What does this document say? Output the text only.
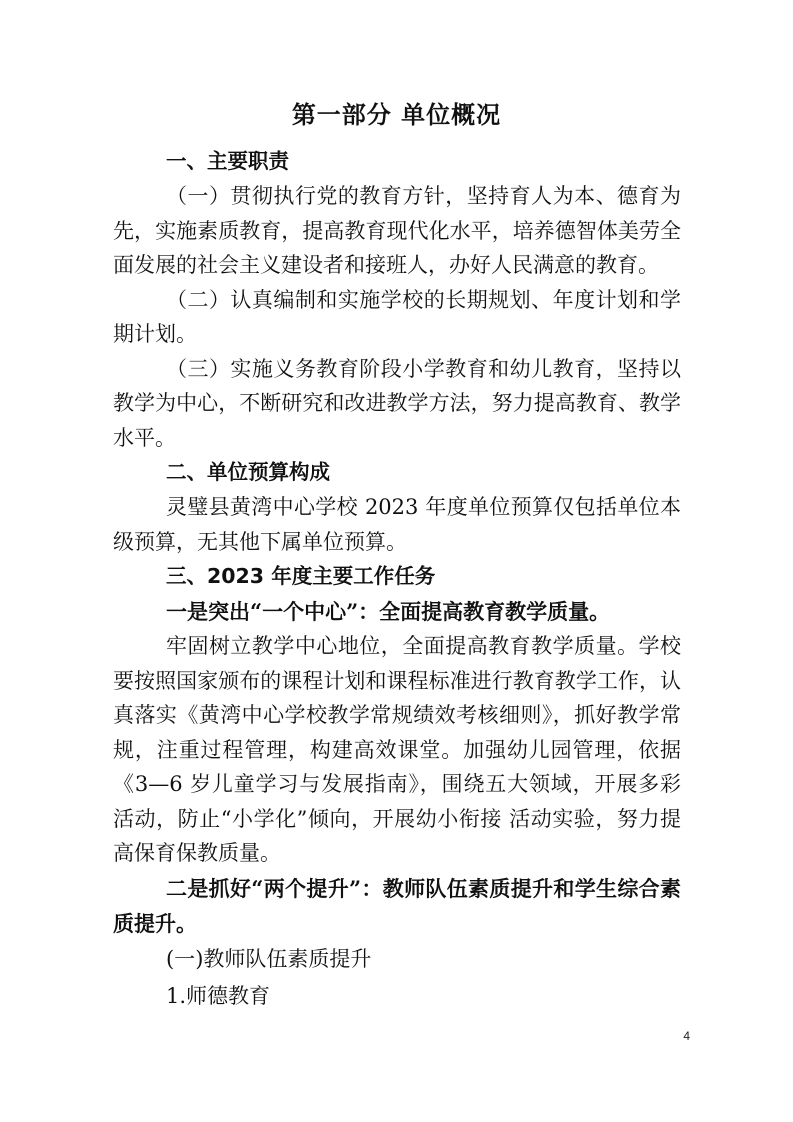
第一部分 单位概况

一、主要职责

（一）贯彻执行党的教育方针，坚持育人为本、德育为先，实施素质教育，提高教育现代化水平，培养德智体美劳全面发展的社会主义建设者和接班人，办好人民满意的教育。

（二）认真编制和实施学校的长期规划、年度计划和学期计划。

（三）实施义务教育阶段小学教育和幼儿教育，坚持以教学为中心，不断研究和改进教学方法，努力提高教育、教学水平。

二、单位预算构成

灵璧县黄湾中心学校 2023 年度单位预算仅包括单位本级预算，无其他下属单位预算。

三、2023 年度主要工作任务

一是突出“一个中心”：全面提高教育教学质量。

牢固树立教学中心地位，全面提高教育教学质量。学校要按照国家颁布的课程计划和课程标准进行教育教学工作，认真落实《黄湾中心学校教学常规绩效考核细则》，抓好教学常规，注重过程管理，构建高效课堂。加强幼儿园管理，依据《3—6 岁儿童学习与发展指南》，围绕五大领域，开展多彩活动，防止“小学化”倾向，开展幼小衔接 活动实验，努力提高保育保教质量。

二是抓好“两个提升”：教师队伍素质提升和学生综合素质提升。

(一)教师队伍素质提升

1.师德教育

4
